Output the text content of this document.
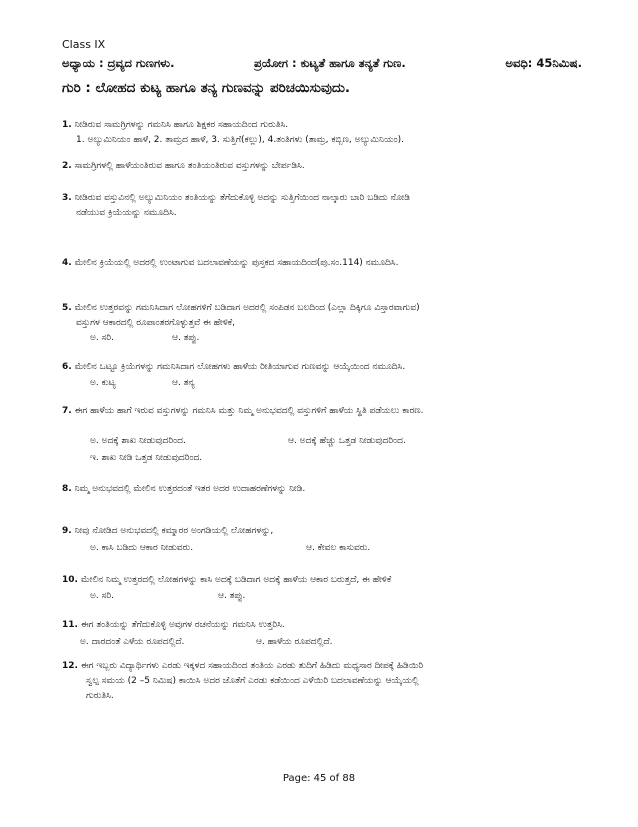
Class IX
ಅಧ್ಯಾಯ : ದ್ರವ್ಯದ ಗುಣಗಳು.	ಪ್ರಯೋಗ : ಕುಟ್ಯತೆ ಹಾಗೂ ತನ್ಯತೆ ಗುಣ.	ಅವಧಿ: 45ನಿಮಿಷ.
ಗುರಿ : ಲೋಹದ ಕುಟ್ಯ ಹಾಗೂ ತನ್ಯ ಗುಣವನ್ನು ಪರಿಚಯಿಸುವುದು.
1. ನೀಡಿರುವ ಸಾಮಗ್ರಿಗಳನ್ನು ಗಮನಿಸಿ ಹಾಗೂ ಶಿಕ್ಷಕರ ಸಹಾಯದಿಂದ ಗುರುತಿಸಿ.
1. ಅಲ್ಯುಮಿನಿಯಂ ಹಾಳೆ, 2. ತಾಮ್ರದ ಹಾಳೆ, 3. ಸುತ್ತಿಗೆ(ಕಲ್ಲು), 4.ತಂತಿಗಳು (ತಾಮ್ರ, ಕಬ್ಬಿಣ, ಅಲ್ಯುಮಿನಿಯಂ).
2. ಸಾಮಗ್ರಿಗಳಲ್ಲಿ ಹಾಳೆಯಂತಿರುವ ಹಾಗೂ ತಂತಿಯಂತಿರುವ ವಸ್ತುಗಳನ್ನು ಬೇರ್ಪಡಿಸಿ.
3. ನೀಡಿರುವ ವಸ್ತುವಿನಲ್ಲಿ ಅಲ್ಯುಮಿನಿಯಂ ತಂತಿಯನ್ನು ತೆಗೆದುಕೊಳ್ಳಿ ಅದನ್ನು ಸುತ್ತಿಗೆಯಿಂದ ನಾಲ್ಕಾರು ಬಾರಿ ಬಡಿದು ನೋಡಿ
ನಡೆಯುವ ಕ್ರಿಯೆಯನ್ನು ನಮೂದಿಸಿ.
4. ಮೇಲಿನ ಕ್ರಿಯೆಯಲ್ಲಿ ಅದರಲ್ಲಿ ಉಂಟಾಗುವ ಬದಲಾವಣೆಯನ್ನು ಪುಸ್ತಕದ ಸಹಾಯದಿಂದ(ಪು.ಸಂ.114) ನಮೂದಿಸಿ.
5. ಮೇಲಿನ ಉತ್ತರವನ್ನು ಗಮನಿಸಿದಾಗ ಲೋಹಗಳಿಗೆ ಬಡಿದಾಗ ಅದರಲ್ಲಿ ಸಂಪಿಡನ ಬಲದಿಂದ (ಎಲ್ಲಾ ದಿಕ್ಕಿಗೂ ವಿಸ್ತಾರವಾಗುವ)
ವಸ್ತುಗಳ ಆಕಾರದಲ್ಲಿ ರೂಪಾಂತರಗೊಳ್ಳುತ್ತವೆ ಈ ಹೇಳಿಕೆ,
ಅ. ಸರಿ.	ಆ. ತಪ್ಪು.
6. ಮೇಲಿನ ಒಟ್ಟೂ ಕ್ರಿಯೆಗಳನ್ನು ಗಮನಿಸಿದಾಗ ಲೋಹಗಳು ಹಾಳೆಯ ರೀತಿಯಾಗುವ ಗುಣವನ್ನು ಆಯ್ಕೆಯಿಂದ ನಮೂದಿಸಿ.
ಅ. ಕುಟ್ಯ	ಆ. ತನ್ಯ
7. ಈಗ ಹಾಳೆಯ ಹಾಗೆ ಇರುವ ವಸ್ತುಗಳನ್ನು ಗಮನಿಸಿ ಮತ್ತು ನಿಮ್ಮ ಅನುಭವದಲ್ಲಿ ವಸ್ತುಗಳಿಗೆ ಹಾಳೆಯ ಸ್ಥಿತಿ ಪಡೆಯಲು ಕಾರಣ.
ಅ. ಅದಕ್ಕೆ ಶಾಖ ನೀಡುವುದರಿಂದ.	ಆ. ಅದಕ್ಕೆ ಹೆಚ್ಚು ಒತ್ತಡ ನೀಡುವುದರಿಂದ.
ಇ. ಶಾಖ ನೀಡಿ ಒತ್ತಡ ನೀಡುವುದರಿಂದ.
8. ನಿಮ್ಮ ಅನುಭವದಲ್ಲಿ ಮೇಲಿನ ಉತ್ತರದಂತೆ ಇತರ ಅದರ ಉದಾಹರಣೆಗಳನ್ನು ನೀಡಿ.
9. ನೀವು ನೋಡಿದ ಅನುಭವದಲ್ಲಿ ಕಮ್ಮಾರರ ಅಂಗಡಿಯಲ್ಲಿ ಲೋಹಗಳನ್ನು,
ಅ. ಕಾಸಿ ಬಡಿದು ಆಕಾರ ನೀಡುವರು.	ಆ. ಕೇವಲ ಕಾಸುವರು.
10. ಮೇಲಿನ ನಿಮ್ಮ ಉತ್ತರದಲ್ಲಿ ಲೋಹಗಳನ್ನು ಕಾಸಿ ಅದಕ್ಕೆ ಬಡಿದಾಗ ಅದಕ್ಕೆ ಹಾಳೆಯ ಆಕಾರ ಬರುತ್ತದೆ, ಈ ಹೇಳಿಕೆ
ಅ. ಸರಿ.	ಆ. ತಪ್ಪು.
11. ಈಗ ತಂತಿಯನ್ನು ತೆಗೆದುಕೊಳ್ಳಿ ಅವುಗಳ ರಚನೆಯನ್ನು ಗಮನಿಸಿ ಉತ್ತರಿಸಿ.
ಅ. ದಾರದಂತೆ ಎಳೆಯ ರೂಪದಲ್ಲಿದೆ.	ಆ. ಹಾಳೆಯ ರೂಪದಲ್ಲಿದೆ.
12. ಈಗ ಇಬ್ಬರು ವಿದ್ಯಾರ್ಥಿಗಳು ಎರಡು ಇಕ್ಕಳದ ಸಹಾಯದಿಂದ ತಂತಿಯ ಎರಡು ತುದಿಗೆ ಹಿಡಿದು ಮಧ್ಯಸಾರ ದೀಪಕ್ಕೆ ಹಿಡಿಯಿರಿ
ಸ್ವಲ್ಪ ಸಮಯ (2 –5 ನಿಮಿಷ) ಕಾಯಿಸಿ ಅದರ ಜೊತೆಗೆ ಎರಡು ಕಡೆಯಿಂದ ಎಳೆಯಿರಿ ಬದಲಾವಣೆಯನ್ನು ಆಯ್ಕೆಯಲ್ಲಿ
ಗುರುತಿಸಿ.
Page: 45 of 88
